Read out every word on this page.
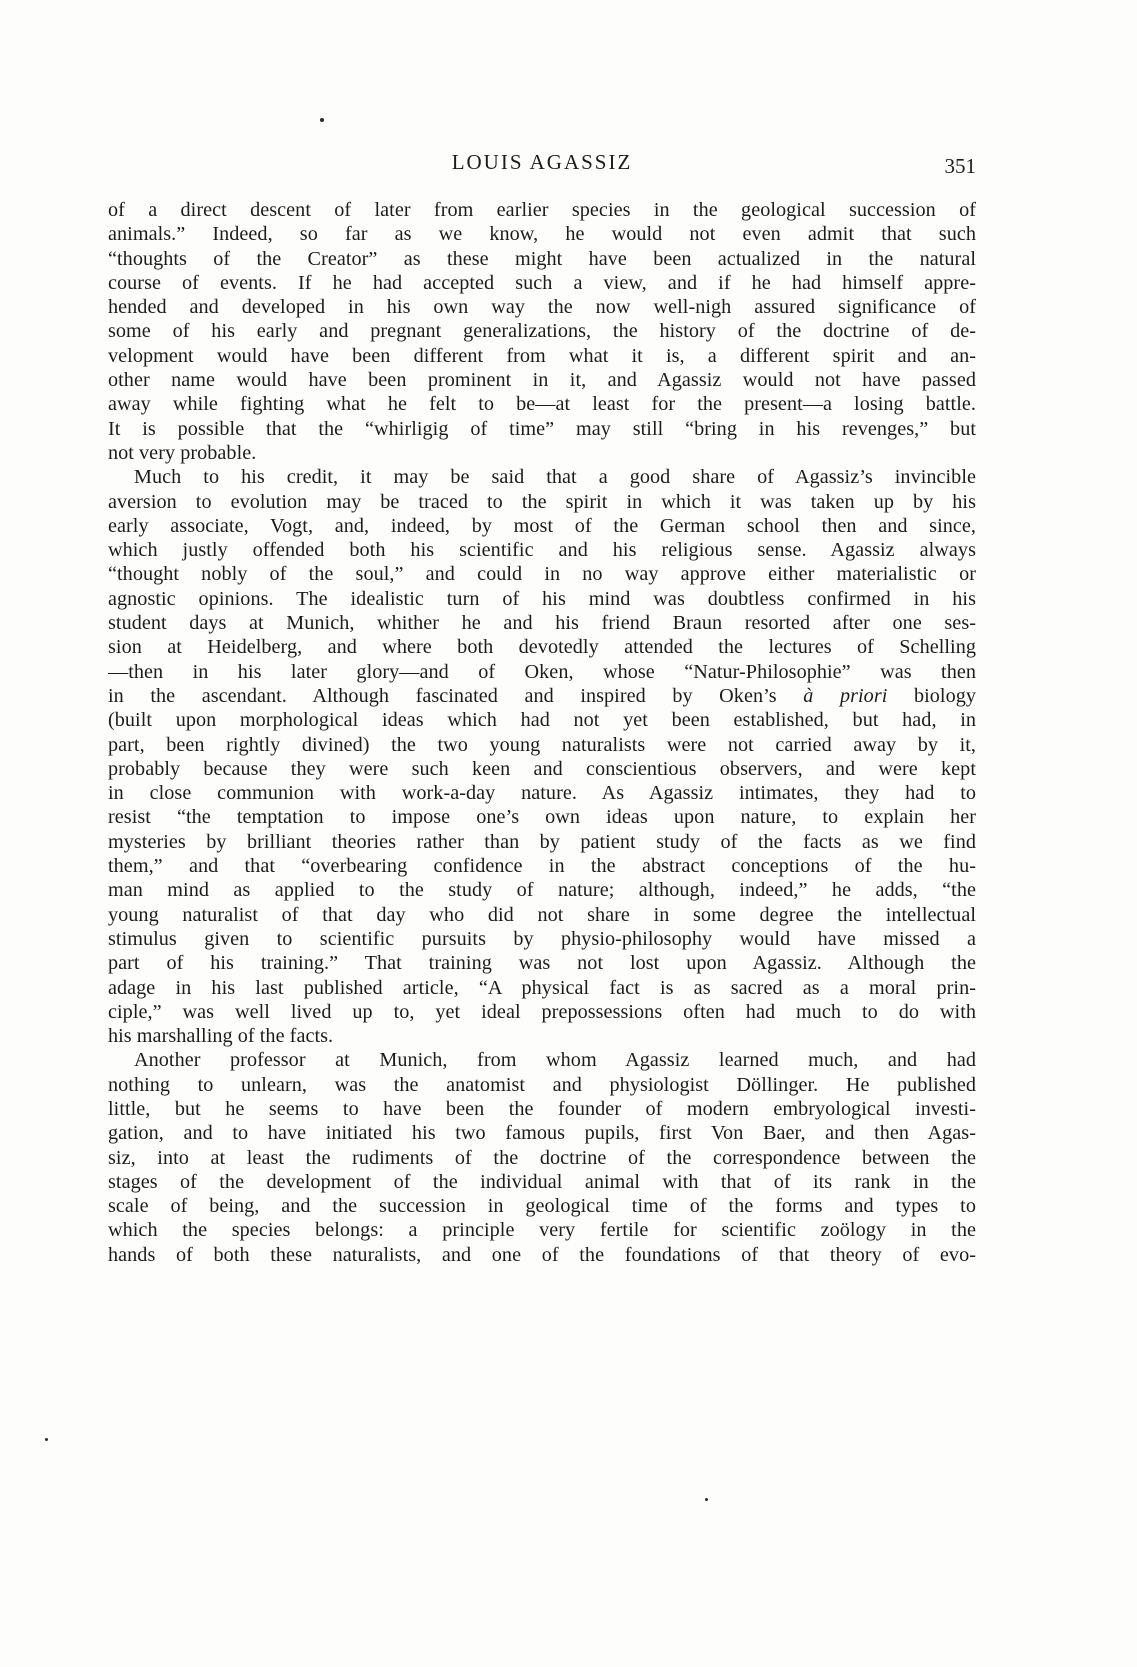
LOUIS AGASSIZ	351
of a direct descent of later from earlier species in the geological succession of
animals.” Indeed, so far as we know, he would not even admit that such
“thoughts of the Creator” as these might have been actualized in the natural
course of events. If he had accepted such a view, and if he had himself appre-
hended and developed in his own way the now well-nigh assured significance of
some of his early and pregnant generalizations, the history of the doctrine of de-
velopment would have been different from what it is, a different spirit and an-
other name would have been prominent in it, and Agassiz would not have passed
away while fighting what he felt to be—at least for the present—a losing battle.
It is possible that the “whirligig of time” may still “bring in his revenges,” but
not very probable.
Much to his credit, it may be said that a good share of Agassiz’s invincible
aversion to evolution may be traced to the spirit in which it was taken up by his
early associate, Vogt, and, indeed, by most of the German school then and since,
which justly offended both his scientific and his religious sense. Agassiz always
“thought nobly of the soul,” and could in no way approve either materialistic or
agnostic opinions. The idealistic turn of his mind was doubtless confirmed in his
student days at Munich, whither he and his friend Braun resorted after one ses-
sion at Heidelberg, and where both devotedly attended the lectures of Schelling
—then in his later glory—and of Oken, whose “Natur-Philosophie” was then
in the ascendant. Although fascinated and inspired by Oken’s à priori biology
(built upon morphological ideas which had not yet been established, but had, in
part, been rightly divined) the two young naturalists were not carried away by it,
probably because they were such keen and conscientious observers, and were kept
in close communion with work-a-day nature. As Agassiz intimates, they had to
resist “the temptation to impose one’s own ideas upon nature, to explain her
mysteries by brilliant theories rather than by patient study of the facts as we find
them,” and that “overbearing confidence in the abstract conceptions of the hu-
man mind as applied to the study of nature; although, indeed,” he adds, “the
young naturalist of that day who did not share in some degree the intellectual
stimulus given to scientific pursuits by physio-philosophy would have missed a
part of his training.” That training was not lost upon Agassiz. Although the
adage in his last published article, “A physical fact is as sacred as a moral prin-
ciple,” was well lived up to, yet ideal prepossessions often had much to do with
his marshalling of the facts.
Another professor at Munich, from whom Agassiz learned much, and had
nothing to unlearn, was the anatomist and physiologist Döllinger. He published
little, but he seems to have been the founder of modern embryological investi-
gation, and to have initiated his two famous pupils, first Von Baer, and then Agas-
siz, into at least the rudiments of the doctrine of the correspondence between the
stages of the development of the individual animal with that of its rank in the
scale of being, and the succession in geological time of the forms and types to
which the species belongs: a principle very fertile for scientific zoölogy in the
hands of both these naturalists, and one of the foundations of that theory of evo-
